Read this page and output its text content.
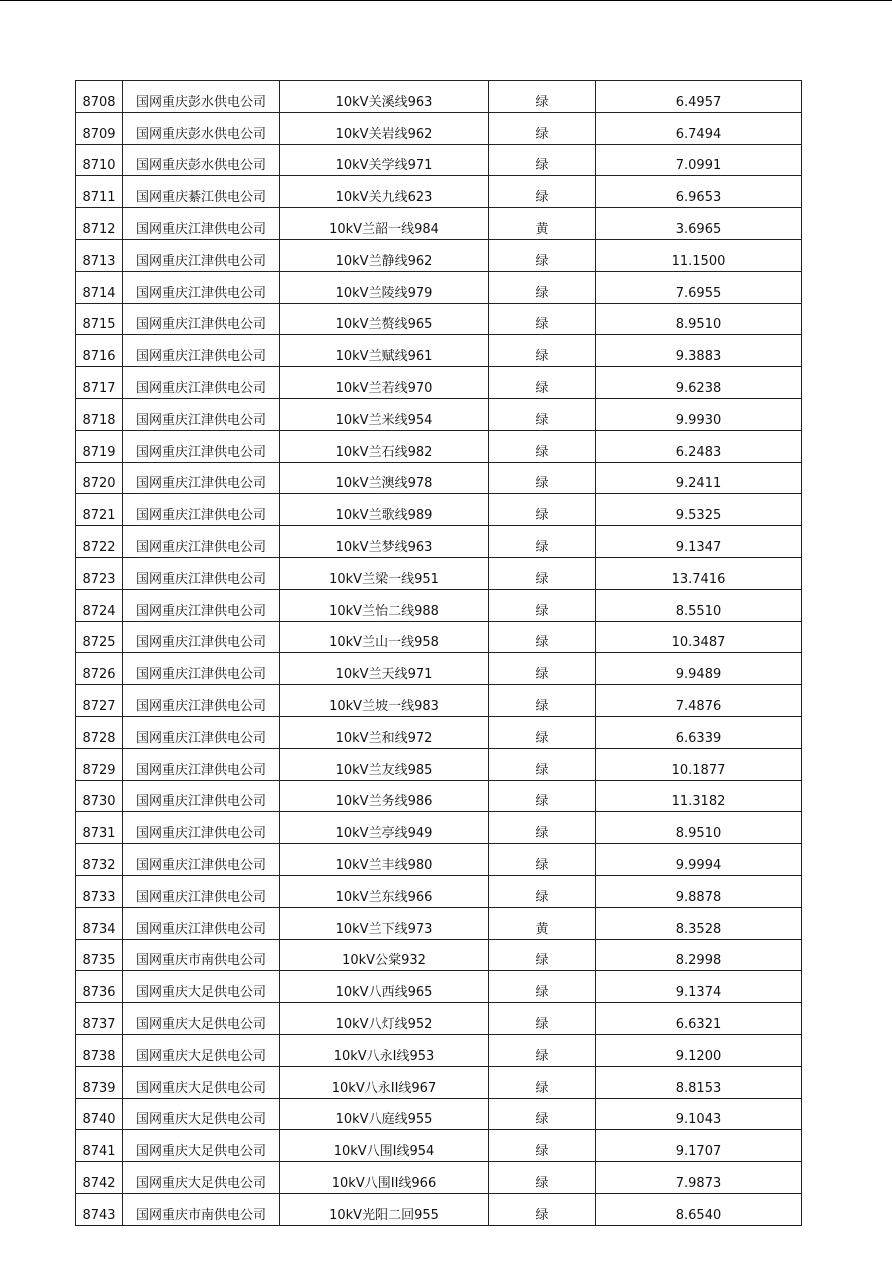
8708	国网重庆彭水供电公司	10kV关溪线963	绿	6.4957
8709	国网重庆彭水供电公司	10kV关岩线962	绿	6.7494
8710	国网重庆彭水供电公司	10kV关学线971	绿	7.0991
8711	国网重庆綦江供电公司	10kV关九线623	绿	6.9653
8712	国网重庆江津供电公司	10kV兰韶一线984	黄	3.6965
8713	国网重庆江津供电公司	10kV兰静线962	绿	11.1500
8714	国网重庆江津供电公司	10kV兰陵线979	绿	7.6955
8715	国网重庆江津供电公司	10kV兰赘线965	绿	8.9510
8716	国网重庆江津供电公司	10kV兰赋线961	绿	9.3883
8717	国网重庆江津供电公司	10kV兰若线970	绿	9.6238
8718	国网重庆江津供电公司	10kV兰米线954	绿	9.9930
8719	国网重庆江津供电公司	10kV兰石线982	绿	6.2483
8720	国网重庆江津供电公司	10kV兰澳线978	绿	9.2411
8721	国网重庆江津供电公司	10kV兰歌线989	绿	9.5325
8722	国网重庆江津供电公司	10kV兰梦线963	绿	9.1347
8723	国网重庆江津供电公司	10kV兰梁一线951	绿	13.7416
8724	国网重庆江津供电公司	10kV兰怡二线988	绿	8.5510
8725	国网重庆江津供电公司	10kV兰山一线958	绿	10.3487
8726	国网重庆江津供电公司	10kV兰天线971	绿	9.9489
8727	国网重庆江津供电公司	10kV兰坡一线983	绿	7.4876
8728	国网重庆江津供电公司	10kV兰和线972	绿	6.6339
8729	国网重庆江津供电公司	10kV兰友线985	绿	10.1877
8730	国网重庆江津供电公司	10kV兰务线986	绿	11.3182
8731	国网重庆江津供电公司	10kV兰亭线949	绿	8.9510
8732	国网重庆江津供电公司	10kV兰丰线980	绿	9.9994
8733	国网重庆江津供电公司	10kV兰东线966	绿	9.8878
8734	国网重庆江津供电公司	10kV兰下线973	黄	8.3528
8735	国网重庆市南供电公司	10kV公棠932	绿	8.2998
8736	国网重庆大足供电公司	10kV八西线965	绿	9.1374
8737	国网重庆大足供电公司	10kV八灯线952	绿	6.6321
8738	国网重庆大足供电公司	10kV八永I线953	绿	9.1200
8739	国网重庆大足供电公司	10kV八永II线967	绿	8.8153
8740	国网重庆大足供电公司	10kV八庭线955	绿	9.1043
8741	国网重庆大足供电公司	10kV八围I线954	绿	9.1707
8742	国网重庆大足供电公司	10kV八围II线966	绿	7.9873
8743	国网重庆市南供电公司	10kV光阳二回955	绿	8.6540
